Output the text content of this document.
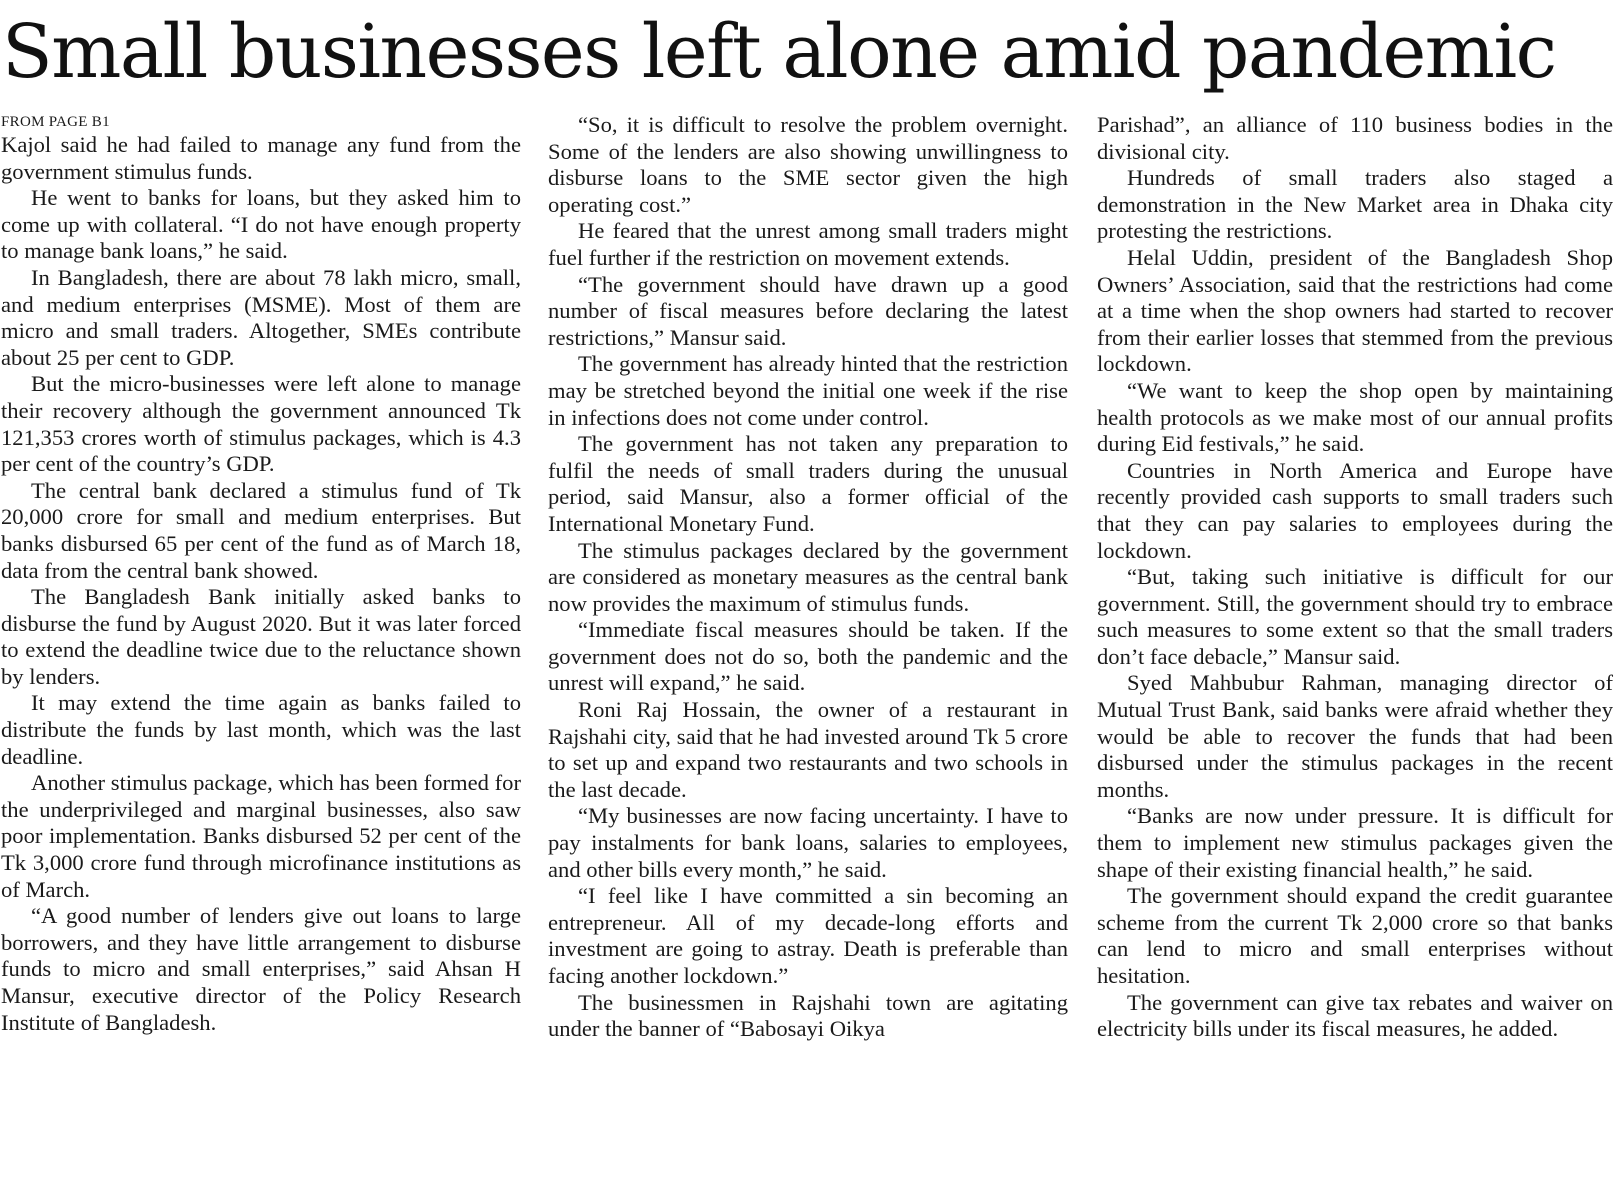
Small businesses left alone amid pandemic
FROM PAGE B1

Kajol said he had failed to manage any fund from the government stimulus funds.

He went to banks for loans, but they asked him to come up with collateral. “I do not have enough property to manage bank loans,” he said.

In Bangladesh, there are about 78 lakh micro, small, and medium enterprises (MSME). Most of them are micro and small traders. Altogether, SMEs contribute about 25 per cent to GDP.

But the micro-businesses were left alone to manage their recovery although the government announced Tk 121,353 crores worth of stimulus packages, which is 4.3 per cent of the country’s GDP.

The central bank declared a stimulus fund of Tk 20,000 crore for small and medium enterprises. But banks disbursed 65 per cent of the fund as of March 18, data from the central bank showed.

The Bangladesh Bank initially asked banks to disburse the fund by August 2020. But it was later forced to extend the deadline twice due to the reluctance shown by lenders.

It may extend the time again as banks failed to distribute the funds by last month, which was the last deadline.

Another stimulus package, which has been formed for the underprivileged and marginal businesses, also saw poor implementation. Banks disbursed 52 per cent of the Tk 3,000 crore fund through microfinance institutions as of March.

“A good number of lenders give out loans to large borrowers, and they have little arrangement to disburse funds to micro and small enterprises,” said Ahsan H Mansur, executive director of the Policy Research Institute of Bangladesh.

“So, it is difficult to resolve the problem overnight. Some of the lenders are also showing unwillingness to disburse loans to the SME sector given the high operating cost.”

He feared that the unrest among small traders might fuel further if the restriction on movement extends.

“The government should have drawn up a good number of fiscal measures before declaring the latest restrictions,” Mansur said.

The government has already hinted that the restriction may be stretched beyond the initial one week if the rise in infections does not come under control.

The government has not taken any preparation to fulfil the needs of small traders during the unusual period, said Mansur, also a former official of the International Monetary Fund.

The stimulus packages declared by the government are considered as monetary measures as the central bank now provides the maximum of stimulus funds.

“Immediate fiscal measures should be taken. If the government does not do so, both the pandemic and the unrest will expand,” he said.

Roni Raj Hossain, the owner of a restaurant in Rajshahi city, said that he had invested around Tk 5 crore to set up and expand two restaurants and two schools in the last decade.

“My businesses are now facing uncertainty. I have to pay instalments for bank loans, salaries to employees, and other bills every month,” he said.

“I feel like I have committed a sin becoming an entrepreneur. All of my decade-long efforts and investment are going to astray. Death is preferable than facing another lockdown.”

The businessmen in Rajshahi town are agitating under the banner of “Babosayi Oikya

Parishad”, an alliance of 110 business bodies in the divisional city.

Hundreds of small traders also staged a demonstration in the New Market area in Dhaka city protesting the restrictions.

Helal Uddin, president of the Bangladesh Shop Owners’ Association, said that the restrictions had come at a time when the shop owners had started to recover from their earlier losses that stemmed from the previous lockdown.

“We want to keep the shop open by maintaining health protocols as we make most of our annual profits during Eid festivals,” he said.

Countries in North America and Europe have recently provided cash supports to small traders such that they can pay salaries to employees during the lockdown.

“But, taking such initiative is difficult for our government. Still, the government should try to embrace such measures to some extent so that the small traders don’t face debacle,” Mansur said.

Syed Mahbubur Rahman, managing director of Mutual Trust Bank, said banks were afraid whether they would be able to recover the funds that had been disbursed under the stimulus packages in the recent months.

“Banks are now under pressure. It is difficult for them to implement new stimulus packages given the shape of their existing financial health,” he said.

The government should expand the credit guarantee scheme from the current Tk 2,000 crore so that banks can lend to micro and small enterprises without hesitation.

The government can give tax rebates and waiver on electricity bills under its fiscal measures, he added.
